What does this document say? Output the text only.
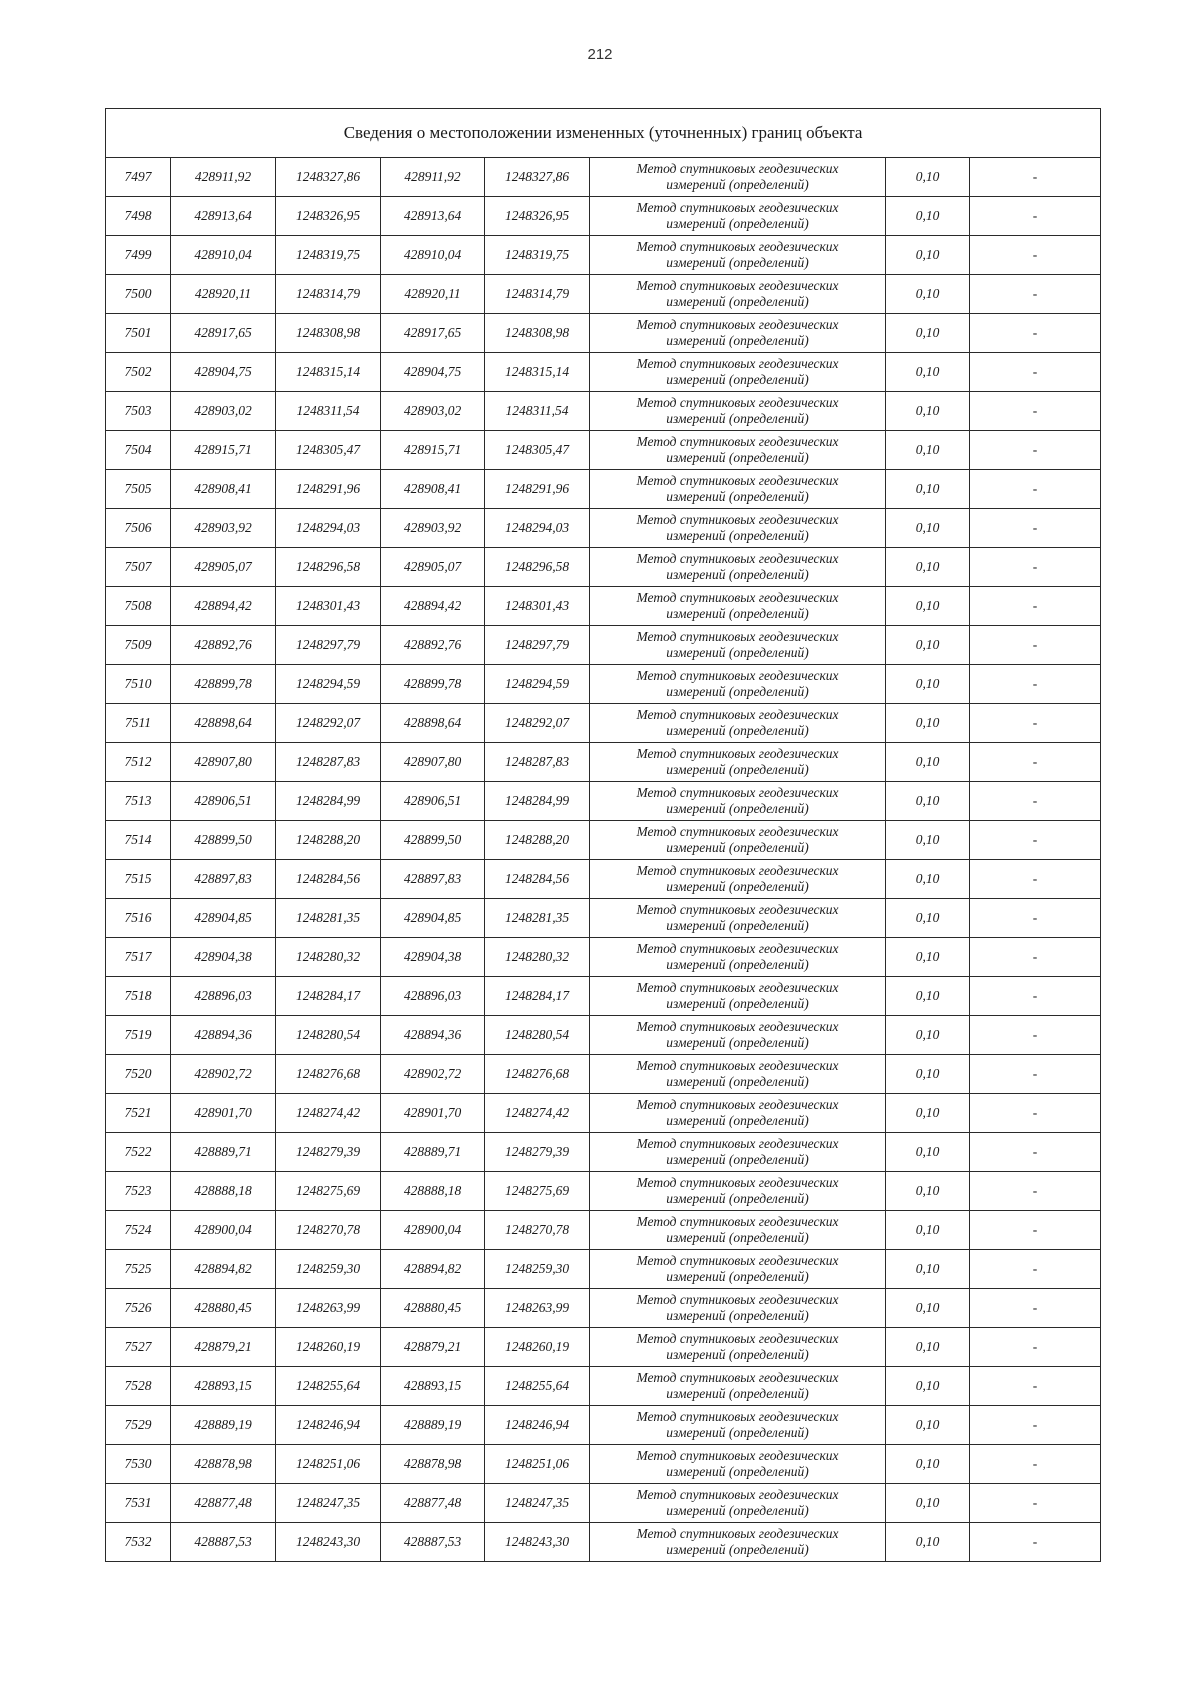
212
Сведения о местоположении измененных (уточненных) границ объекта							
7497	428911,92	1248327,86	428911,92	1248327,86	Метод спутниковых геодезических
измерений (определений)	0,10	-
7498	428913,64	1248326,95	428913,64	1248326,95	Метод спутниковых геодезических
измерений (определений)	0,10	-
7499	428910,04	1248319,75	428910,04	1248319,75	Метод спутниковых геодезических
измерений (определений)	0,10	-
7500	428920,11	1248314,79	428920,11	1248314,79	Метод спутниковых геодезических
измерений (определений)	0,10	-
7501	428917,65	1248308,98	428917,65	1248308,98	Метод спутниковых геодезических
измерений (определений)	0,10	-
7502	428904,75	1248315,14	428904,75	1248315,14	Метод спутниковых геодезических
измерений (определений)	0,10	-
7503	428903,02	1248311,54	428903,02	1248311,54	Метод спутниковых геодезических
измерений (определений)	0,10	-
7504	428915,71	1248305,47	428915,71	1248305,47	Метод спутниковых геодезических
измерений (определений)	0,10	-
7505	428908,41	1248291,96	428908,41	1248291,96	Метод спутниковых геодезических
измерений (определений)	0,10	-
7506	428903,92	1248294,03	428903,92	1248294,03	Метод спутниковых геодезических
измерений (определений)	0,10	-
7507	428905,07	1248296,58	428905,07	1248296,58	Метод спутниковых геодезических
измерений (определений)	0,10	-
7508	428894,42	1248301,43	428894,42	1248301,43	Метод спутниковых геодезических
измерений (определений)	0,10	-
7509	428892,76	1248297,79	428892,76	1248297,79	Метод спутниковых геодезических
измерений (определений)	0,10	-
7510	428899,78	1248294,59	428899,78	1248294,59	Метод спутниковых геодезических
измерений (определений)	0,10	-
7511	428898,64	1248292,07	428898,64	1248292,07	Метод спутниковых геодезических
измерений (определений)	0,10	-
7512	428907,80	1248287,83	428907,80	1248287,83	Метод спутниковых геодезических
измерений (определений)	0,10	-
7513	428906,51	1248284,99	428906,51	1248284,99	Метод спутниковых геодезических
измерений (определений)	0,10	-
7514	428899,50	1248288,20	428899,50	1248288,20	Метод спутниковых геодезических
измерений (определений)	0,10	-
7515	428897,83	1248284,56	428897,83	1248284,56	Метод спутниковых геодезических
измерений (определений)	0,10	-
7516	428904,85	1248281,35	428904,85	1248281,35	Метод спутниковых геодезических
измерений (определений)	0,10	-
7517	428904,38	1248280,32	428904,38	1248280,32	Метод спутниковых геодезических
измерений (определений)	0,10	-
7518	428896,03	1248284,17	428896,03	1248284,17	Метод спутниковых геодезических
измерений (определений)	0,10	-
7519	428894,36	1248280,54	428894,36	1248280,54	Метод спутниковых геодезических
измерений (определений)	0,10	-
7520	428902,72	1248276,68	428902,72	1248276,68	Метод спутниковых геодезических
измерений (определений)	0,10	-
7521	428901,70	1248274,42	428901,70	1248274,42	Метод спутниковых геодезических
измерений (определений)	0,10	-
7522	428889,71	1248279,39	428889,71	1248279,39	Метод спутниковых геодезических
измерений (определений)	0,10	-
7523	428888,18	1248275,69	428888,18	1248275,69	Метод спутниковых геодезических
измерений (определений)	0,10	-
7524	428900,04	1248270,78	428900,04	1248270,78	Метод спутниковых геодезических
измерений (определений)	0,10	-
7525	428894,82	1248259,30	428894,82	1248259,30	Метод спутниковых геодезических
измерений (определений)	0,10	-
7526	428880,45	1248263,99	428880,45	1248263,99	Метод спутниковых геодезических
измерений (определений)	0,10	-
7527	428879,21	1248260,19	428879,21	1248260,19	Метод спутниковых геодезических
измерений (определений)	0,10	-
7528	428893,15	1248255,64	428893,15	1248255,64	Метод спутниковых геодезических
измерений (определений)	0,10	-
7529	428889,19	1248246,94	428889,19	1248246,94	Метод спутниковых геодезических
измерений (определений)	0,10	-
7530	428878,98	1248251,06	428878,98	1248251,06	Метод спутниковых геодезических
измерений (определений)	0,10	-
7531	428877,48	1248247,35	428877,48	1248247,35	Метод спутниковых геодезических
измерений (определений)	0,10	-
7532	428887,53	1248243,30	428887,53	1248243,30	Метод спутниковых геодезических
измерений (определений)	0,10	-
